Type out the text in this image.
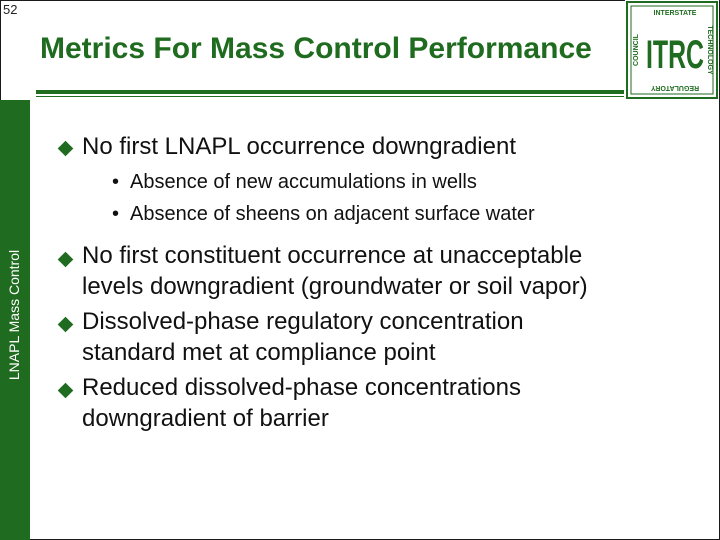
52
Metrics For Mass Control Performance
INTERSTATE
REGULATORY
COUNCIL	TECHNOLOGY
ITRC
LNAPL Mass Control
No first LNAPL occurrence downgradient
• Absence of new accumulations in wells
• Absence of sheens on adjacent surface water
No first constituent occurrence at unacceptable
levels downgradient (groundwater or soil vapor)
Dissolved-phase regulatory concentration
standard met at compliance point
Reduced dissolved-phase concentrations
downgradient of barrier
